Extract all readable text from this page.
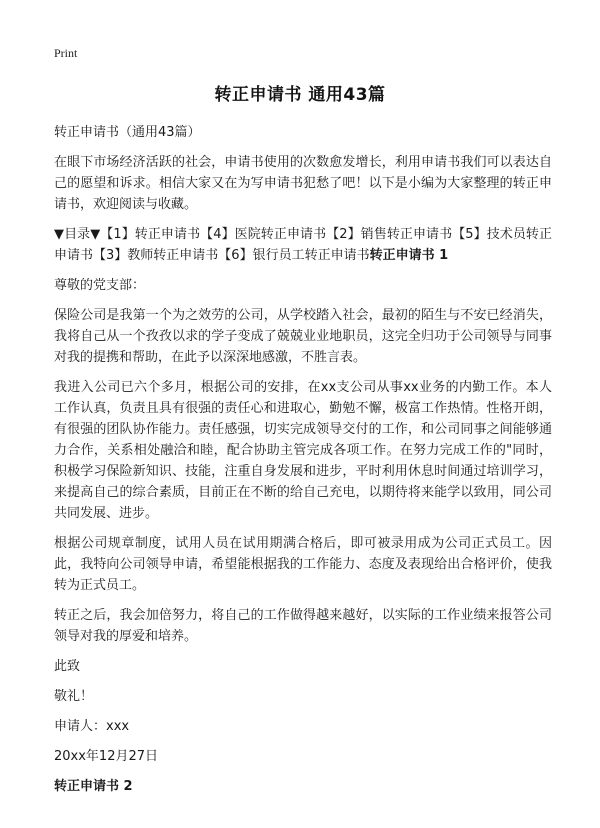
Print
转正申请书 通用43篇

转正申请书（通用43篇）

在眼下市场经济活跃的社会，申请书使用的次数愈发增长，利用申请书我们可以表达自己的愿望和诉求。相信大家又在为写申请书犯愁了吧！以下是小编为大家整理的转正申请书，欢迎阅读与收藏。

▼目录▼【1】转正申请书【4】医院转正申请书【2】销售转正申请书【5】技术员转正申请书【3】教师转正申请书【6】银行员工转正申请书转正申请书 1

尊敬的党支部：

保险公司是我第一个为之效劳的公司，从学校踏入社会，最初的陌生与不安已经消失，我将自己从一个孜孜以求的学子变成了兢兢业业地职员，这完全归功于公司领导与同事对我的提携和帮助，在此予以深深地感激，不胜言表。

我进入公司已六个多月，根据公司的安排，在xx支公司从事xx业务的内勤工作。本人工作认真，负责且具有很强的责任心和进取心，勤勉不懈，极富工作热情。性格开朗，有很强的团队协作能力。责任感强，切实完成领导交付的工作，和公司同事之间能够通力合作，关系相处融洽和睦，配合协助主管完成各项工作。在努力完成工作的"同时，积极学习保险新知识、技能，注重自身发展和进步，平时利用休息时间通过培训学习，来提高自己的综合素质，目前正在不断的给自己充电，以期待将来能学以致用，同公司共同发展、进步。

根据公司规章制度，试用人员在试用期满合格后，即可被录用成为公司正式员工。因此，我特向公司领导申请，希望能根据我的工作能力、态度及表现给出合格评价，使我转为正式员工。

转正之后，我会加倍努力，将自己的工作做得越来越好，以实际的工作业绩来报答公司领导对我的厚爱和培养。

此致

敬礼！

申请人：xxx

20xx年12月27日

转正申请书 2
